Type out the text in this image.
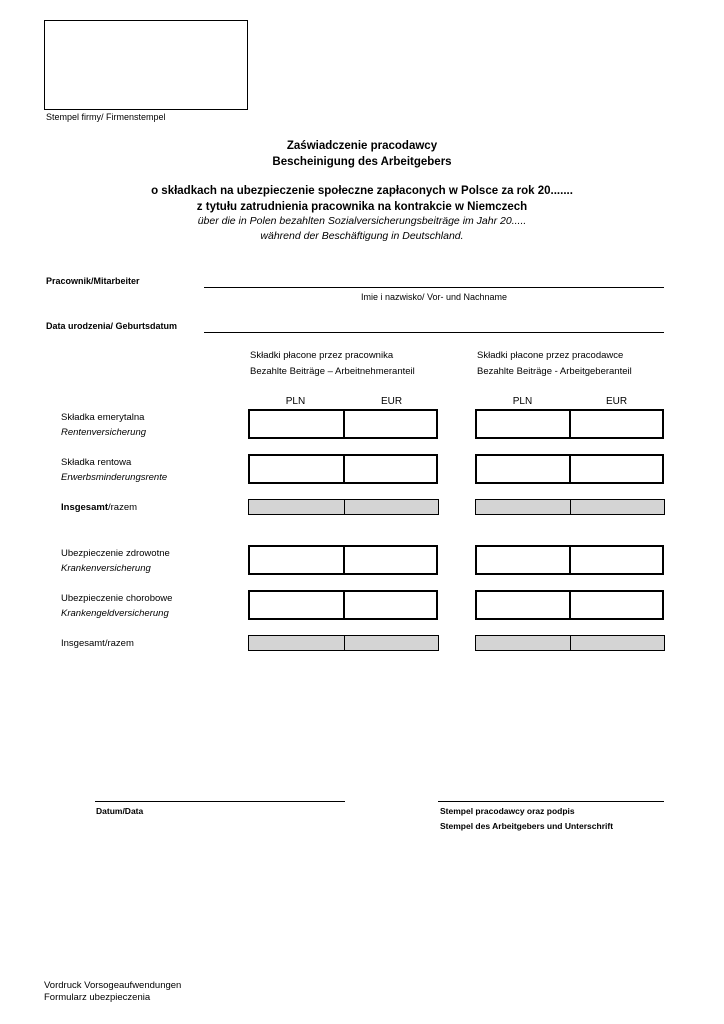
Stempel firmy/ Firmenstempel
Zaświadczenie pracodawcy
Bescheinigung des Arbeitgebers
o składkach na ubezpieczenie społeczne zapłaconych w Polsce za rok 20.......
z tytułu zatrudnienia pracownika na kontrakcie w Niemczech
über die in Polen bezahlten Sozialversicherungsbeiträge im Jahr 20.....
während der Beschäftigung in Deutschland.
Pracownik/Mitarbeiter
Imie i nazwisko/ Vor- und Nachname
Data urodzenia/ Geburtsdatum
Składki płacone przez pracownika
Bezahlte Beiträge – Arbeitnehmeranteil
Składki płacone przez pracodawce
Bezahlte Beiträge - Arbeitgeberanteil
PLN	EUR	PLN	EUR
Składka emerytalna
Rentenversicherung
Składka rentowa
Erwerbsminderungsrente
Insgesamt/razem
Ubezpieczenie zdrowotne
Krankenversicherung
Ubezpieczenie chorobowe
Krankengeldversicherung
Insgesamt/razem
Datum/Data	Stempel pracodawcy oraz podpis
Stempel des Arbeitgebers und Unterschrift
Vordruck Vorsogeaufwendungen
Formularz ubezpieczenia
